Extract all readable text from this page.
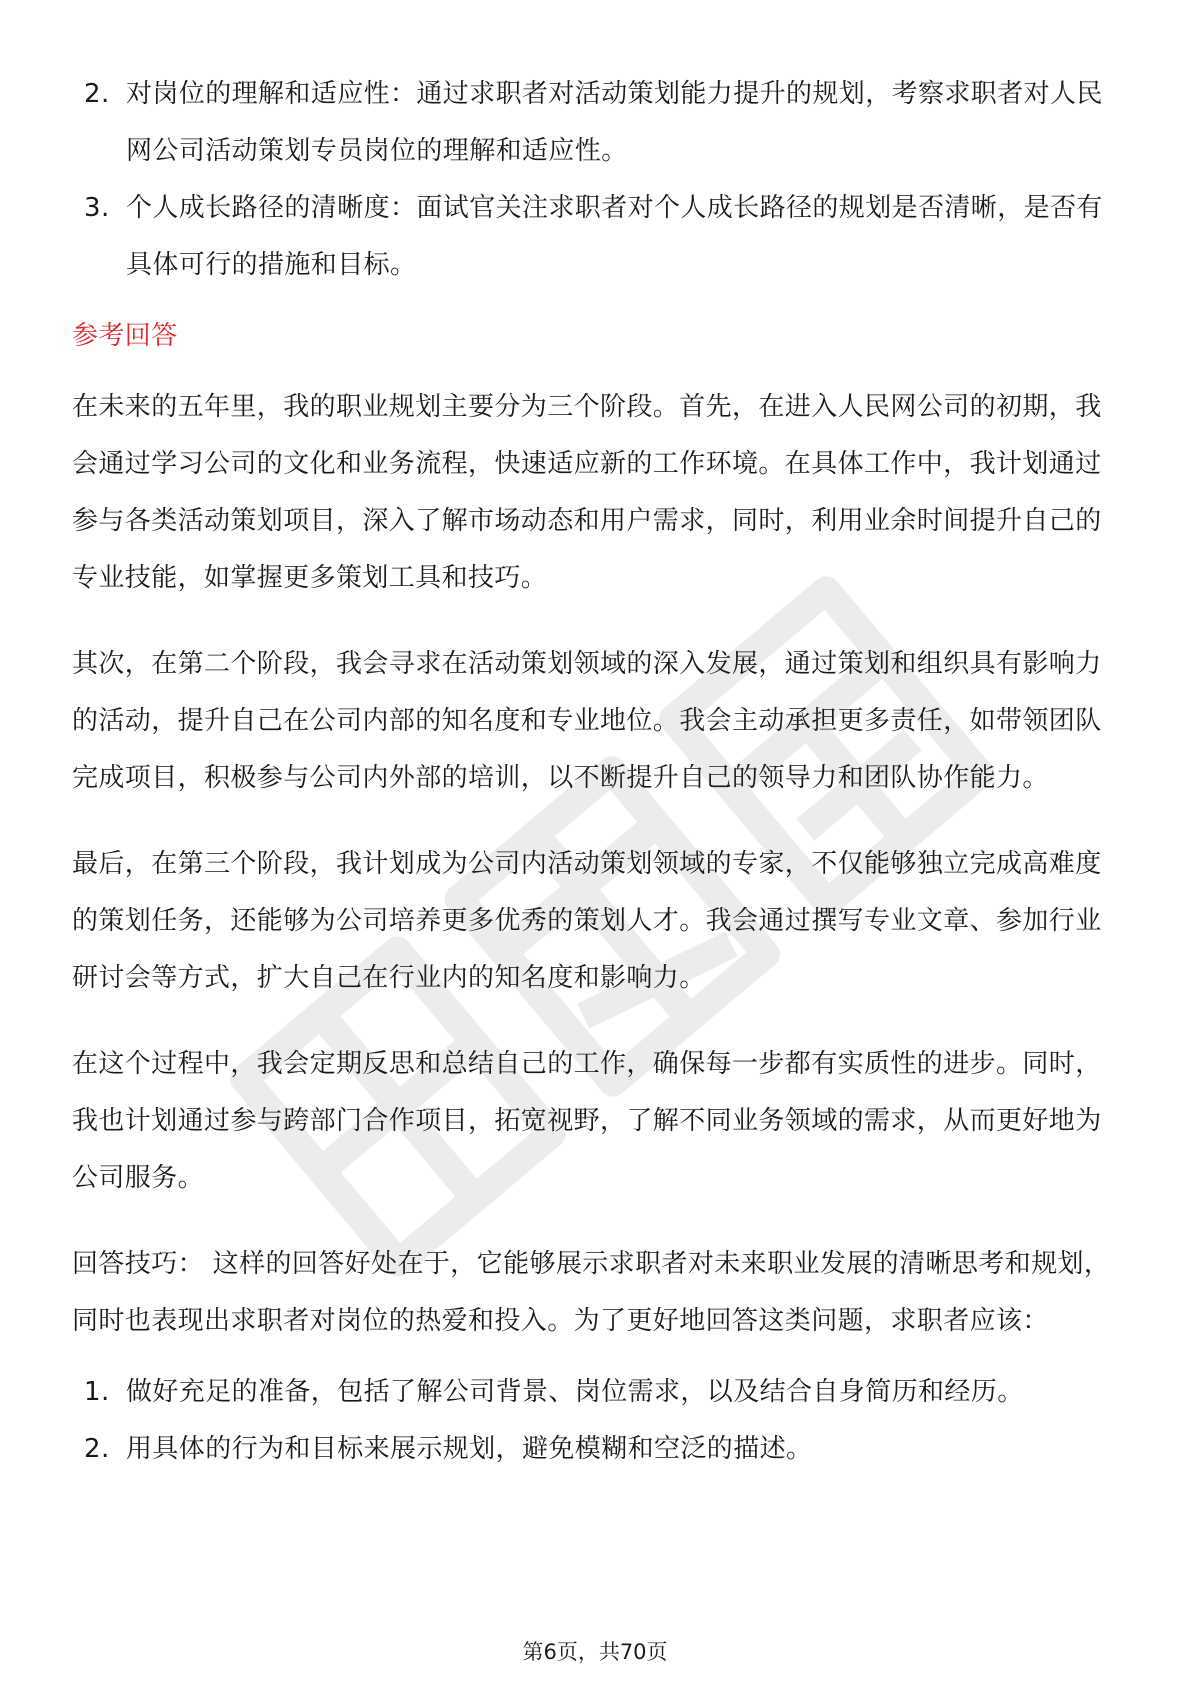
2. 对岗位的理解和适应性：通过求职者对活动策划能力提升的规划，考察求职者对人民网公司活动策划专员岗位的理解和适应性。
3. 个人成长路径的清晰度：面试官关注求职者对个人成长路径的规划是否清晰，是否有具体可行的措施和目标。
参考回答

在未来的五年里，我的职业规划主要分为三个阶段。首先，在进入人民网公司的初期，我会通过学习公司的文化和业务流程，快速适应新的工作环境。在具体工作中，我计划通过参与各类活动策划项目，深入了解市场动态和用户需求，同时，利用业余时间提升自己的专业技能，如掌握更多策划工具和技巧。

其次，在第二个阶段，我会寻求在活动策划领域的深入发展，通过策划和组织具有影响力的活动，提升自己在公司内部的知名度和专业地位。我会主动承担更多责任，如带领团队完成项目，积极参与公司内外部的培训，以不断提升自己的领导力和团队协作能力。

最后，在第三个阶段，我计划成为公司内活动策划领域的专家，不仅能够独立完成高难度的策划任务，还能够为公司培养更多优秀的策划人才。我会通过撰写专业文章、参加行业研讨会等方式，扩大自己在行业内的知名度和影响力。

在这个过程中，我会定期反思和总结自己的工作，确保每一步都有实质性的进步。同时，我也计划通过参与跨部门合作项目，拓宽视野，了解不同业务领域的需求，从而更好地为公司服务。

回答技巧： 这样的回答好处在于，它能够展示求职者对未来职业发展的清晰思考和规划，同时也表现出求职者对岗位的热爱和投入。为了更好地回答这类问题，求职者应该：

1. 做好充足的准备，包括了解公司背景、岗位需求，以及结合自身简历和经历。
2. 用具体的行为和目标来展示规划，避免模糊和空泛的描述。
第6页，共70页
